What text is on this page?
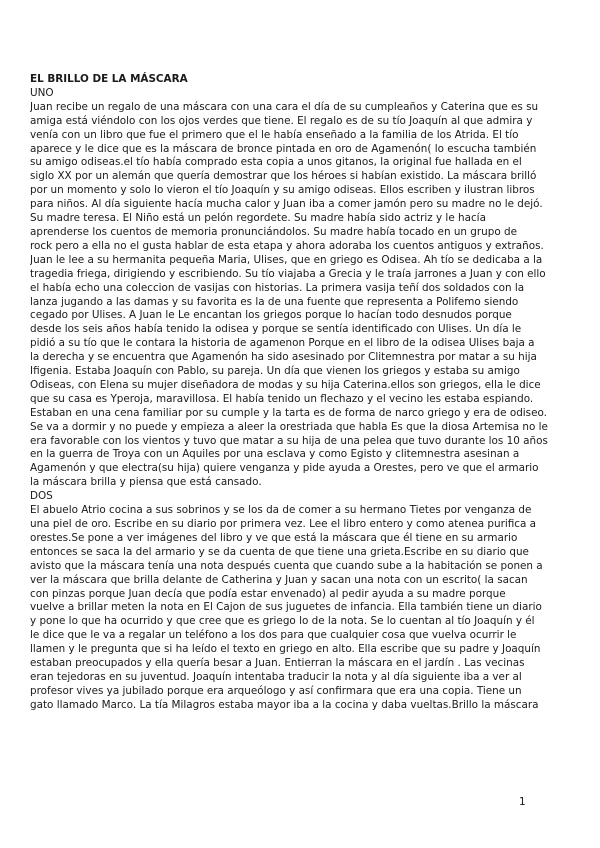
EL BRILLO DE LA MÁSCARA

UNO

Juan recibe un regalo de una máscara con una cara el día de su cumpleaños y Caterina que es su
amiga está viéndolo con los ojos verdes que tiene. El regalo es de su tío Joaquín al que admira y
venía con un libro que fue el primero que el le había enseñado a la familia de los Atrida. El tío
aparece y le dice que es la máscara de bronce pintada en oro de Agamenón( lo escucha también
su amigo odiseas.el tío había comprado esta copia a unos gitanos, la original fue hallada en el
siglo XX por un alemán que quería demostrar que los héroes si habían existido. La máscara brilló
por un momento y solo lo vieron el tío Joaquín y su amigo odiseas. Ellos escriben y ilustran libros
para niños. Al día siguiente hacía mucha calor y Juan iba a comer jamón pero su madre no le dejó.
Su madre teresa. El Niño está un pelón regordete. Su madre había sido actriz y le hacía
aprenderse los cuentos de memoria pronunciándolos. Su madre había tocado en un grupo de
rock pero a ella no el gusta hablar de esta etapa y ahora adoraba los cuentos antiguos y extraños.
Juan le lee a su hermanita pequeña Maria, Ulises, que en griego es Odisea. Ah tío se dedicaba a la
tragedia friega, dirigiendo y escribiendo. Su tío viajaba a Grecia y le traía jarrones a Juan y con ello
el había echo una coleccion de vasijas con historias. La primera vasija teñí dos soldados con la
lanza jugando a las damas y su favorita es la de una fuente que representa a Polifemo siendo
cegado por Ulises. A Juan le Le encantan los griegos porque lo hacían todo desnudos porque
desde los seis años había tenido la odisea y porque se sentía identificado con Ulises. Un día le
pidió a su tío que le contara la historia de agamenon Porque en el libro de la odisea Ulises baja a
la derecha y se encuentra que Agamenón ha sido asesinado por Clitemnestra por matar a su hija
Ifigenia. Estaba Joaquín con Pablo, su pareja. Un día que vienen los griegos y estaba su amigo
Odiseas, con Elena su mujer diseñadora de modas y su hija Caterina.ellos son griegos, ella le dice
que su casa es Yperoja, maravillosa. El había tenido un flechazo y el vecino les estaba espiando.
Estaban en una cena familiar por su cumple y la tarta es de forma de narco griego y era de odiseo.
Se va a dormir y no puede y empieza a aleer la orestriada que habla Es que la diosa Artemisa no le
era favorable con los vientos y tuvo que matar a su hija de una pelea que tuvo durante los 10 años
en la guerra de Troya con un Aquiles por una esclava y como Egisto y clitemnestra asesinan a
Agamenón y que electra(su hija) quiere venganza y pide ayuda a Orestes, pero ve que el armario
la máscara brilla y piensa que está cansado.

DOS

El abuelo Atrio cocina a sus sobrinos y se los da de comer a su hermano Tietes por venganza de
una piel de oro. Escribe en su diario por primera vez. Lee el libro entero y como atenea purifica a
orestes.Se pone a ver imágenes del libro y ve que está la máscara que él tiene en su armario
entonces se saca la del armario y se da cuenta de que tiene una grieta.Escribe en su diario que
avisto que la máscara tenía una nota después cuenta que cuando sube a la habitación se ponen a
ver la máscara que brilla delante de Catherina y Juan y sacan una nota con un escrito( la sacan
con pinzas porque Juan decía que podía estar envenado) al pedir ayuda a su madre porque
vuelve a brillar meten la nota en El Cajon de sus juguetes de infancia. Ella también tiene un diario
y pone lo que ha ocurrido y que cree que es griego lo de la nota. Se lo cuentan al tío Joaquín y él
le dice que le va a regalar un teléfono a los dos para que cualquier cosa que vuelva ocurrir le
llamen y le pregunta que si ha leído el texto en griego en alto. Ella escribe que su padre y Joaquín
estaban preocupados y ella quería besar a Juan. Entierran la máscara en el jardín . Las vecinas
eran tejedoras en su juventud. Joaquín intentaba traducir la nota y al día siguiente iba a ver al
profesor vives ya jubilado porque era arqueólogo y así confirmara que era una copia. Tiene un
gato llamado Marco. La tía Milagros estaba mayor iba a la cocina y daba vueltas.Brillo la máscara
1
